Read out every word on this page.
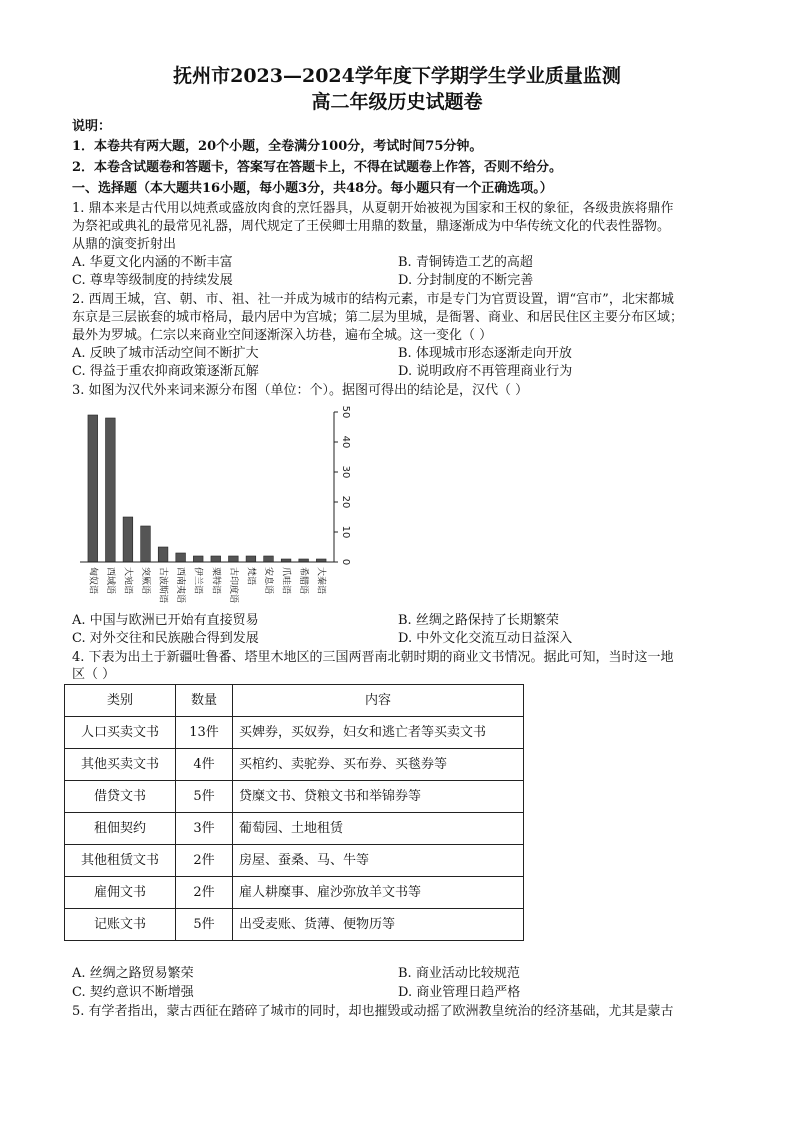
抚州市2023—2024学年度下学期学生学业质量监测
高二年级历史试题卷
说明：
1．本卷共有两大题，20个小题，全卷满分100分，考试时间75分钟。
2．本卷含试题卷和答题卡，答案写在答题卡上，不得在试题卷上作答，否则不给分。
一、选择题（本大题共16小题，每小题3分，共48分。每小题只有一个正确选项。）
1. 鼎本来是古代用以炖煮或盛放肉食的烹饪器具，从夏朝开始被视为国家和王权的象征，各级贵族将鼎作
为祭祀或典礼的最常见礼器，周代规定了王侯卿士用鼎的数量，鼎逐渐成为中华传统文化的代表性器物。
从鼎的演变折射出
A. 华夏文化内涵的不断丰富	B. 青铜铸造工艺的高超
C. 尊卑等级制度的持续发展	D. 分封制度的不断完善
2. 西周王城，宫、朝、市、祖、社一并成为城市的结构元素，市是专门为官贾设置，谓“宫市”，北宋都城
东京是三层嵌套的城市格局，最内居中为宫城；第二层为里城，是衙署、商业、和居民住区主要分布区域；
最外为罗城。仁宗以来商业空间逐渐深入坊巷，遍布全城。这一变化（ ）
A. 反映了城市活动空间不断扩大	B. 体现城市形态逐渐走向开放
C. 得益于重农抑商政策逐渐瓦解	D. 说明政府不再管理商业行为
3. 如图为汉代外来词来源分布图（单位：个）。据图可得出的结论是，汉代（ ）
0
10
20
30
40
50
匈奴语 西域语 大宛语 突厥语 古波斯语 西南夷语 伊兰语 粟特语 古印度语 梵语 安息语 爪哇语 希腊语 大秦语
A. 中国与欧洲已开始有直接贸易	B. 丝绸之路保持了长期繁荣
C. 对外交往和民族融合得到发展	D. 中外文化交流互动日益深入
4. 下表为出土于新疆吐鲁番、塔里木地区的三国两晋南北朝时期的商业文书情况。据此可知，当时这一地
区（ ）
类别	数量	内容
人口买卖文书	13件	买婢券，买奴券，妇女和逃亡者等买卖文书
其他买卖文书	4件	买棺约、卖驼券、买布券、买毯券等
借贷文书	5件	贷糜文书、贷粮文书和举锦券等
租佃契约	3件	葡萄园、土地租赁
其他租赁文书	2件	房屋、蚕桑、马、牛等
雇佣文书	2件	雇人耕糜事、雇沙弥放羊文书等
记账文书	5件	出受麦账、货薄、便物历等
A. 丝绸之路贸易繁荣	B. 商业活动比较规范
C. 契约意识不断增强	D. 商业管理日趋严格
5. 有学者指出，蒙古西征在踏碎了城市的同时，却也摧毁或动摇了欧洲教皇统治的经济基础，尤其是蒙古
